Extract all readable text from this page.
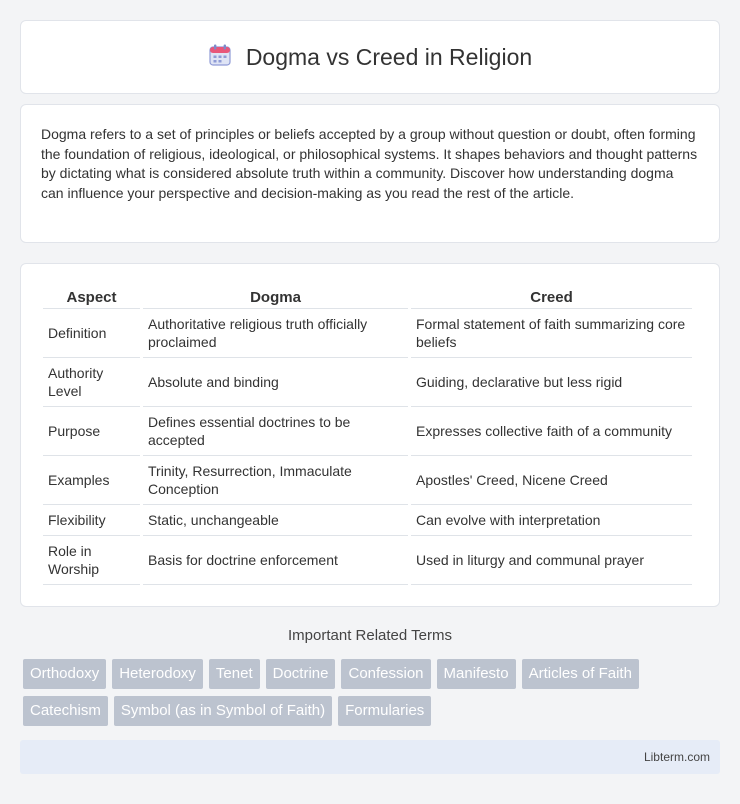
Dogma vs Creed in Religion

Dogma refers to a set of principles or beliefs accepted by a group without question or doubt, often forming the foundation of religious, ideological, or philosophical systems. It shapes behaviors and thought patterns by dictating what is considered absolute truth within a community. Discover how understanding dogma can influence your perspective and decision-making as you read the rest of the article.

Aspect	Dogma	Creed
Definition	Authoritative religious truth officially proclaimed	Formal statement of faith summarizing core beliefs
Authority Level	Absolute and binding	Guiding, declarative but less rigid
Purpose	Defines essential doctrines to be accepted	Expresses collective faith of a community
Examples	Trinity, Resurrection, Immaculate Conception	Apostles' Creed, Nicene Creed
Flexibility	Static, unchangeable	Can evolve with interpretation
Role in Worship	Basis for doctrine enforcement	Used in liturgy and communal prayer
Important Related Terms
Orthodoxy	Heterodoxy	Tenet	Doctrine	Confession	Manifesto	Articles of Faith
Catechism	Symbol (as in Symbol of Faith)	Formularies
Libterm.com
